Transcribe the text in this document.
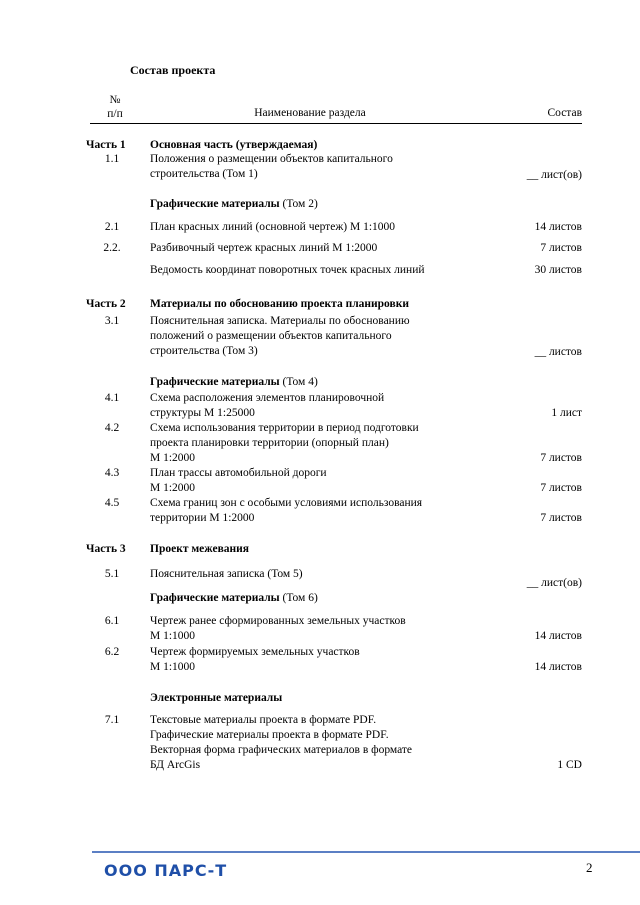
Состав проекта
№
п/п	Наименование раздела	Состав
Часть 1 Основная часть (утверждаемая)
1.1	Положения о размещении объектов капитального
строительства (Том 1)	__ лист(ов)
Графические материалы (Том 2)
2.1	План красных линий (основной чертеж) М 1:1000	14 листов
2.2.	Разбивочный чертеж красных линий М 1:2000	7 листов
Ведомость координат поворотных точек красных линий	30 листов
Часть 2 Материалы по обоснованию проекта планировки
3.1	Пояснительная записка. Материалы по обоснованию
положений о размещении объектов капитального
строительства (Том 3)	__ листов
Графические материалы (Том 4)
4.1	Схема расположения элементов планировочной
структуры М 1:25000	1 лист
4.2	Схема использования территории в период подготовки
проекта планировки территории (опорный план)
М 1:2000	7 листов
4.3	План трассы автомобильной дороги
М 1:2000	7 листов
4.5	Схема границ зон с особыми условиями использования
территории М 1:2000	7 листов
Часть 3 Проект межевания
5.1	Пояснительная записка (Том 5)
__ лист(ов)
Графические материалы (Том 6)
6.1	Чертеж ранее сформированных земельных участков
М 1:1000	14 листов
6.2	Чертеж формируемых земельных участков
М 1:1000	14 листов
Электронные материалы
7.1	Текстовые материалы проекта в формате PDF.
Графические материалы проекта в формате PDF.
Векторная форма графических материалов в формате
БД ArcGis	1 CD
ООО ПАРС-Т	2
